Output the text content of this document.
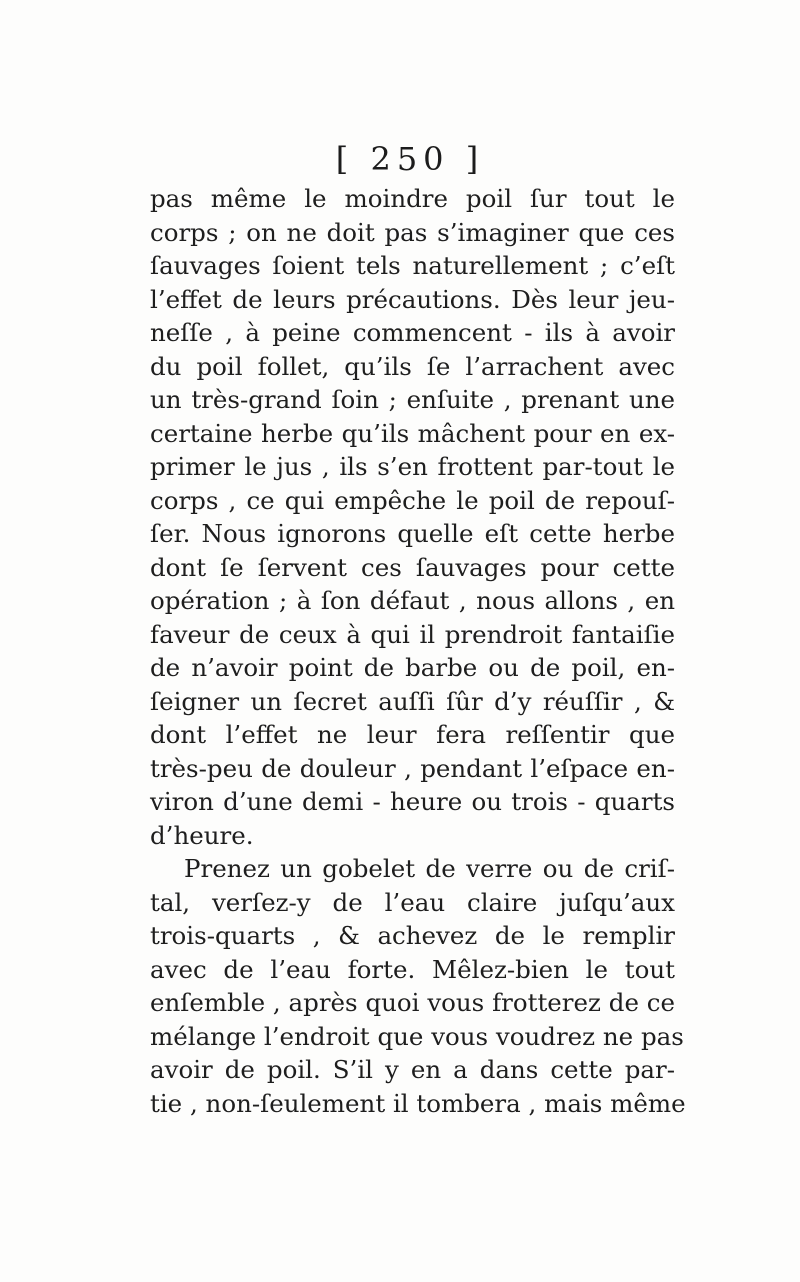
[ 250 ]
pas même le moindre poil ſur tout le
corps ; on ne doit pas s’imaginer que ces
ſauvages ſoient tels naturellement ; c’eſt
l’effet de leurs précautions. Dès leur jeu-
neſſe , à peine commencent - ils à avoir
du poil follet, qu’ils ſe l’arrachent avec
un très-grand ſoin ; enſuite , prenant une
certaine herbe qu’ils mâchent pour en ex-
primer le jus , ils s’en frottent par-tout le
corps , ce qui empêche le poil de repouſ-
ſer. Nous ignorons quelle eſt cette herbe
dont ſe ſervent ces ſauvages pour cette
opération ; à ſon défaut , nous allons , en
faveur de ceux à qui il prendroit fantaiſie
de n’avoir point de barbe ou de poil, en-
ſeigner un ſecret auſſi ſûr d’y réuſſir , &
dont l’effet ne leur fera reſſentir que
très-peu de douleur , pendant l’eſpace en-
viron d’une demi - heure ou trois - quarts
d’heure.
Prenez un gobelet de verre ou de criſ-
tal, verſez-y de l’eau claire juſqu’aux
trois-quarts , & achevez de le remplir
avec de l’eau forte. Mêlez-bien le tout
enſemble , après quoi vous frotterez de ce
mélange l’endroit que vous voudrez ne pas
avoir de poil. S’il y en a dans cette par-
tie , non-ſeulement il tombera , mais même
